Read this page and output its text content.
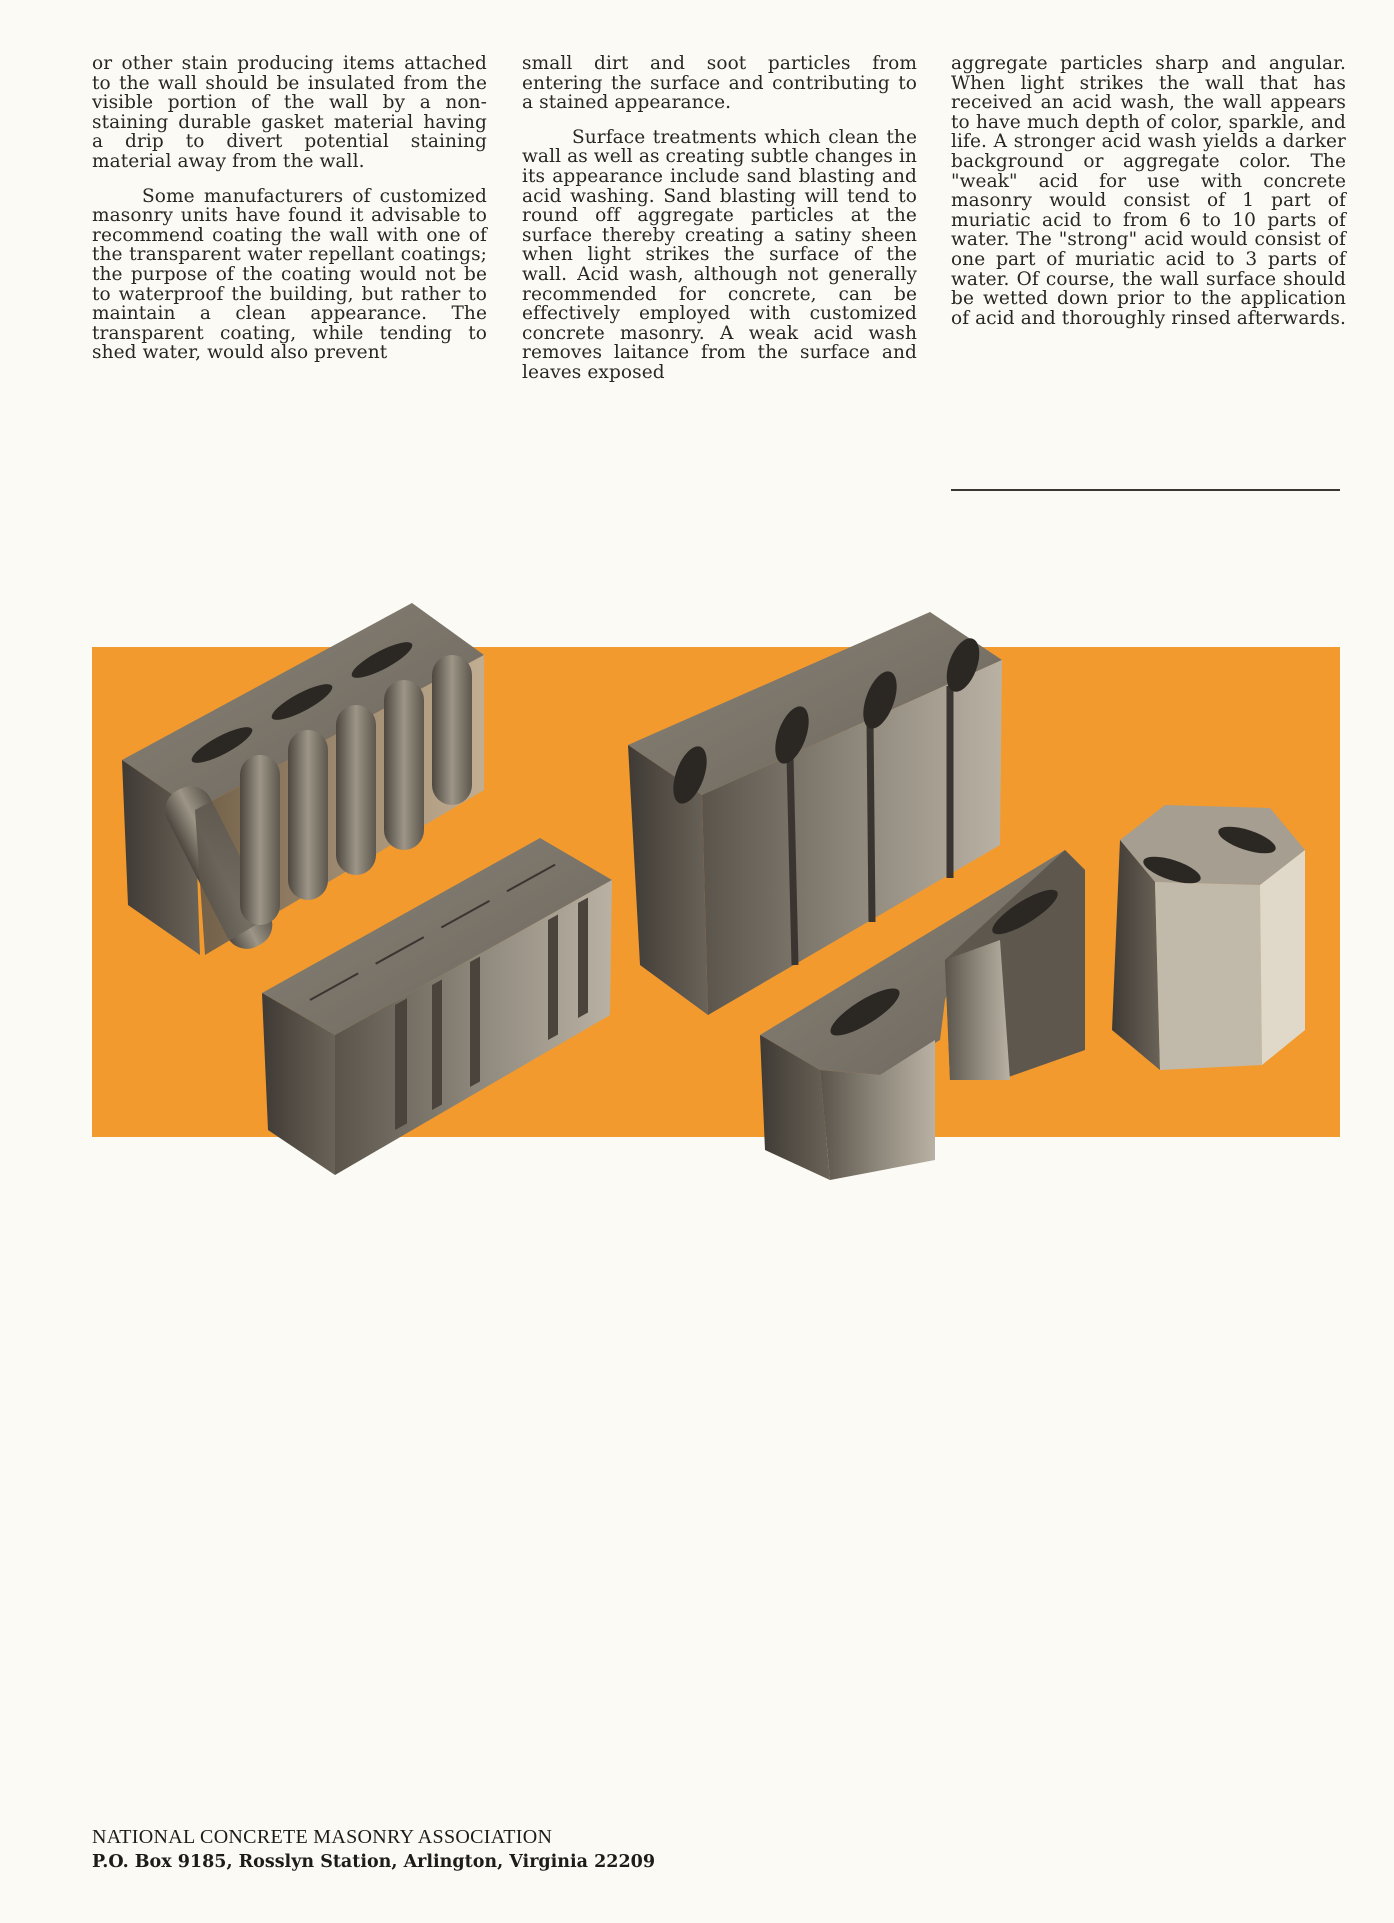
or other stain producing items attached to the wall should be insulated from the visible portion of the wall by a non-staining durable gasket material having a drip to divert potential staining material away from the wall.

Some manufacturers of customized masonry units have found it advisable to recommend coating the wall with one of the transparent water repellant coatings; the purpose of the coating would not be to waterproof the building, but rather to maintain a clean appearance. The transparent coating, while tending to shed water, would also prevent

small dirt and soot particles from entering the surface and contributing to a stained appearance.

Surface treatments which clean the wall as well as creating subtle changes in its appearance include sand blasting and acid washing. Sand blasting will tend to round off aggregate particles at the surface thereby creating a satiny sheen when light strikes the surface of the wall. Acid wash, although not generally recommended for concrete, can be effectively employed with customized concrete masonry. A weak acid wash removes laitance from the surface and leaves exposed

aggregate particles sharp and angular. When light strikes the wall that has received an acid wash, the wall appears to have much depth of color, sparkle, and life. A stronger acid wash yields a darker background or aggregate color. The "weak" acid for use with concrete masonry would consist of 1 part of muriatic acid to from 6 to 10 parts of water. The "strong" acid would consist of one part of muriatic acid to 3 parts of water. Of course, the wall surface should be wetted down prior to the application of acid and thoroughly rinsed afterwards.

NATIONAL CONCRETE MASONRY ASSOCIATION
P.O. Box 9185, Rosslyn Station, Arlington, Virginia 22209
